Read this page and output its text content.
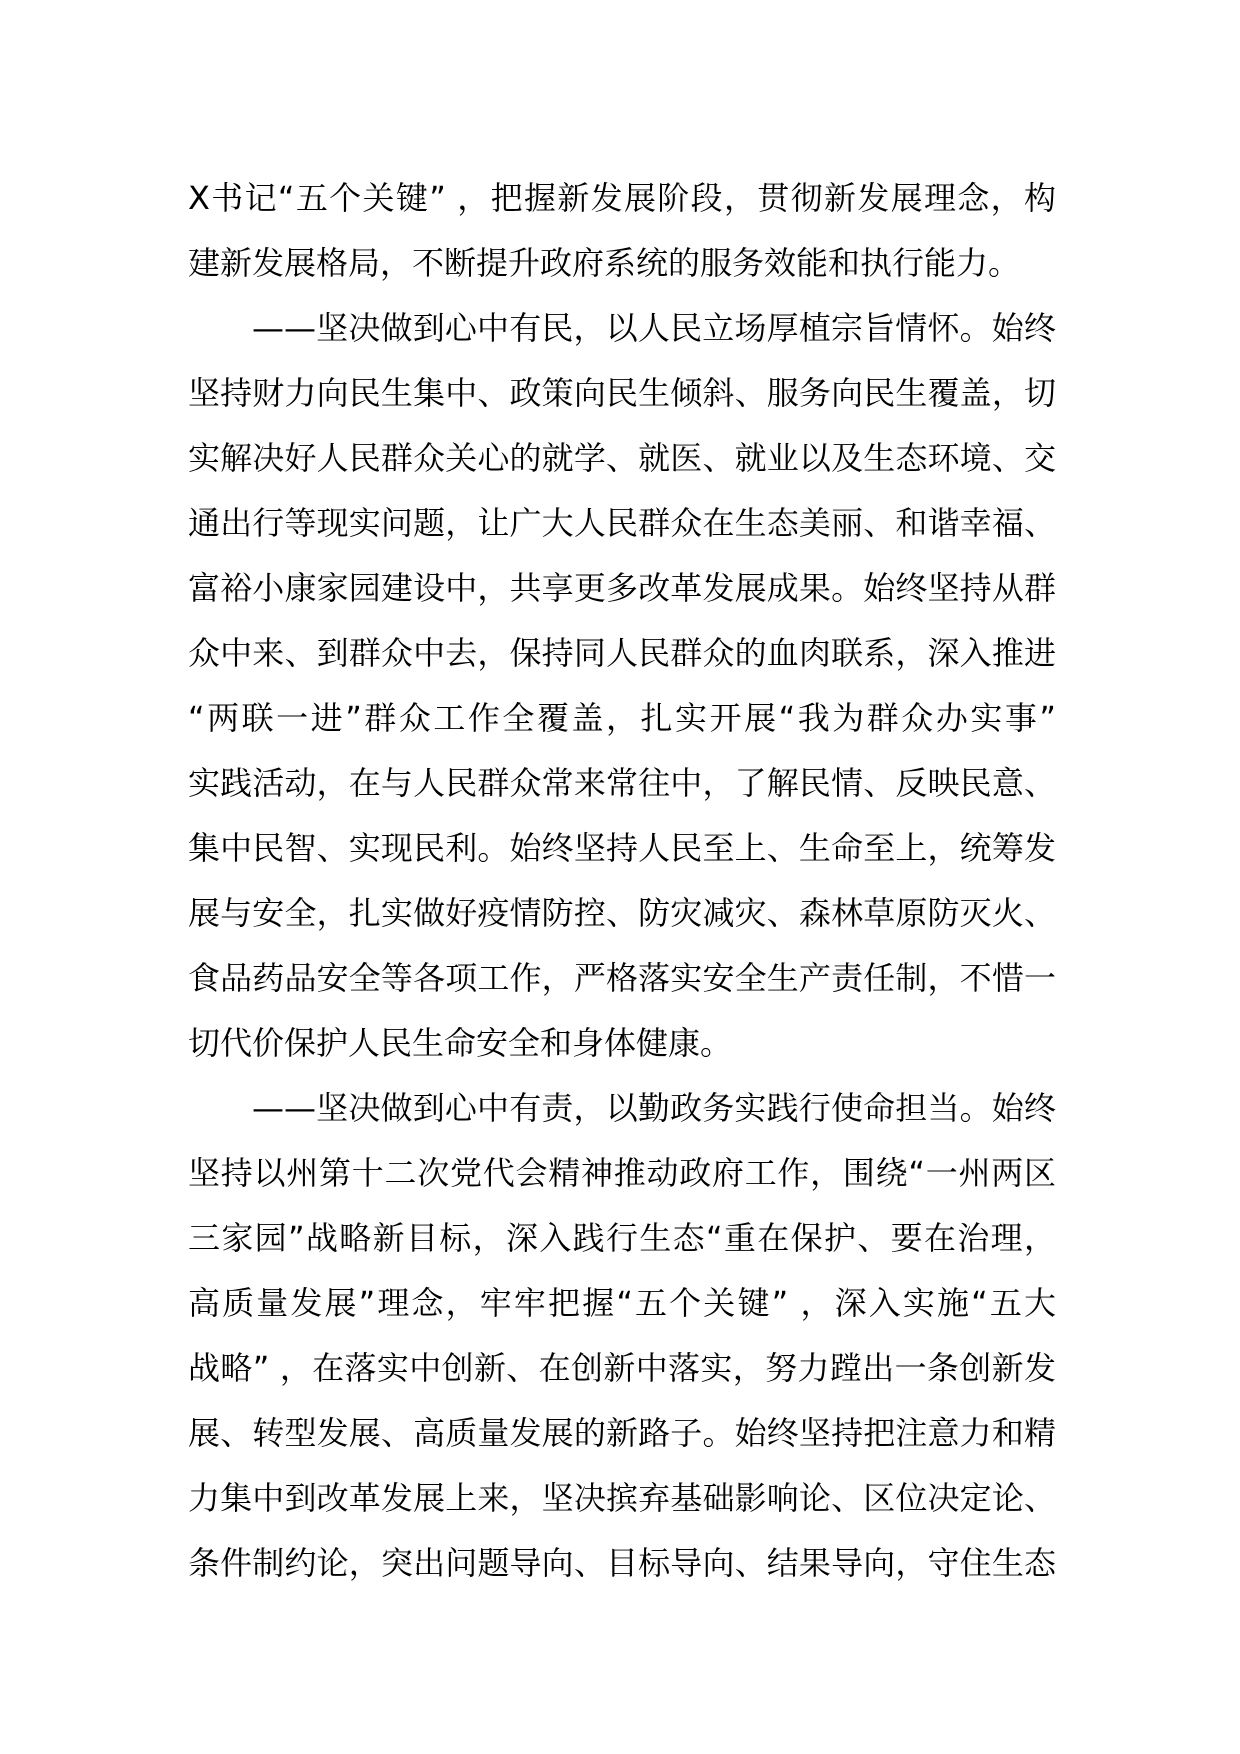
X书记“五个关键” ，把握新发展阶段，贯彻新发展理念，构
建新发展格局，不断提升政府系统的服务效能和执行能力。
——坚决做到心中有民，以人民立场厚植宗旨情怀。始终
坚持财力向民生集中、政策向民生倾斜、服务向民生覆盖，切
实解决好人民群众关心的就学、就医、就业以及生态环境、交
通出行等现实问题，让广大人民群众在生态美丽、和谐幸福、
富裕小康家园建设中，共享更多改革发展成果。始终坚持从群
众中来、到群众中去，保持同人民群众的血肉联系，深入推进
“两联一进”群众工作全覆盖，扎实开展“我为群众办实事”
实践活动，在与人民群众常来常往中，了解民情、反映民意、
集中民智、实现民利。始终坚持人民至上、生命至上，统筹发
展与安全，扎实做好疫情防控、防灾减灾、森林草原防灭火、
食品药品安全等各项工作，严格落实安全生产责任制，不惜一
切代价保护人民生命安全和身体健康。
——坚决做到心中有责，以勤政务实践行使命担当。始终
坚持以州第十二次党代会精神推动政府工作，围绕“一州两区
三家园”战略新目标，深入践行生态“重在保护、要在治理，
高质量发展”理念，牢牢把握“五个关键” ，深入实施“五大
战略” ，在落实中创新、在创新中落实，努力蹚出一条创新发
展、转型发展、高质量发展的新路子。始终坚持把注意力和精
力集中到改革发展上来，坚决摈弃基础影响论、区位决定论、
条件制约论，突出问题导向、目标导向、结果导向，守住生态
